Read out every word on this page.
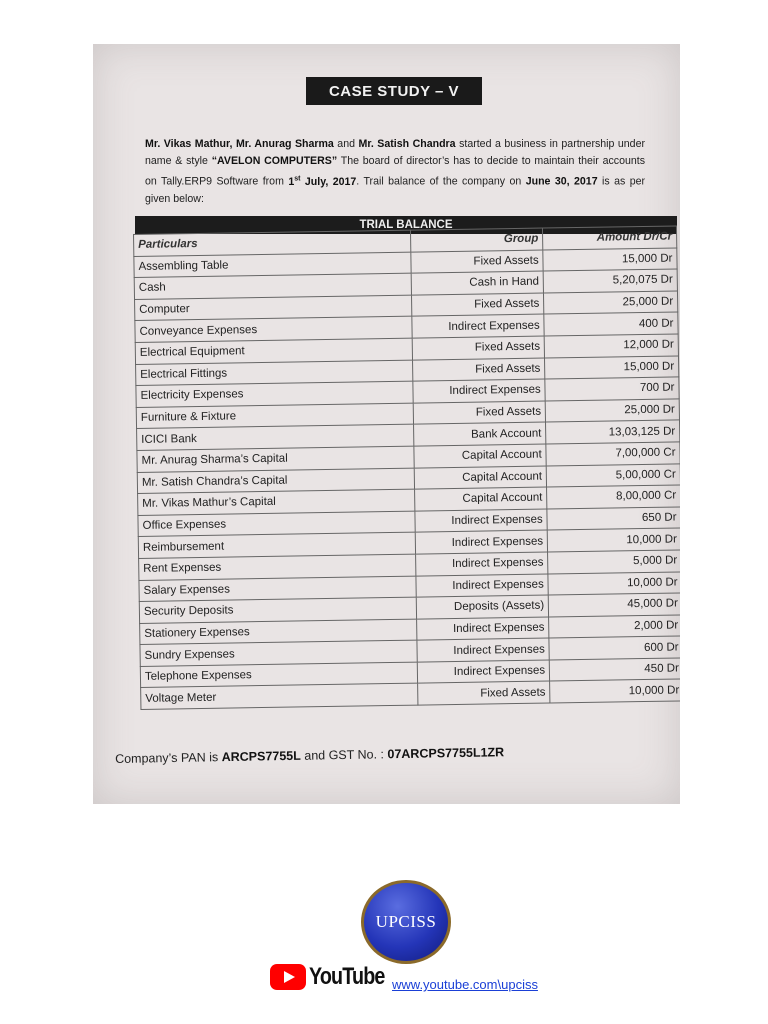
CASE STUDY – V
Mr. Vikas Mathur, Mr. Anurag Sharma and Mr. Satish Chandra started a business in partnership under name & style “AVELON COMPUTERS” The board of director’s has to decide to maintain their accounts on Tally.ERP9 Software from 1st July, 2017. Trail balance of the company on June 30, 2017 is as per given below:
TRIAL BALANCE
Particulars	Group	Amount Dr/Cr
Assembling Table	Fixed Assets	15,000 Dr
Cash	Cash in Hand	5,20,075 Dr
Computer	Fixed Assets	25,000 Dr
Conveyance Expenses	Indirect Expenses	400 Dr
Electrical Equipment	Fixed Assets	12,000 Dr
Electrical Fittings	Fixed Assets	15,000 Dr
Electricity Expenses	Indirect Expenses	700 Dr
Furniture & Fixture	Fixed Assets	25,000 Dr
ICICI Bank	Bank Account	13,03,125 Dr
Mr. Anurag Sharma’s Capital	Capital Account	7,00,000 Cr
Mr. Satish Chandra’s Capital	Capital Account	5,00,000 Cr
Mr. Vikas Mathur’s Capital	Capital Account	8,00,000 Cr
Office Expenses	Indirect Expenses	650 Dr
Reimbursement	Indirect Expenses	10,000 Dr
Rent Expenses	Indirect Expenses	5,000 Dr
Salary Expenses	Indirect Expenses	10,000 Dr
Security Deposits	Deposits (Assets)	45,000 Dr
Stationery Expenses	Indirect Expenses	2,000 Dr
Sundry Expenses	Indirect Expenses	600 Dr
Telephone Expenses	Indirect Expenses	450 Dr
Voltage Meter	Fixed Assets	10,000 Dr
Company’s PAN is ARCPS7755L and GST No. : 07ARCPS7755L1ZR
UPCISS
YouTube www.youtube.com\upciss
